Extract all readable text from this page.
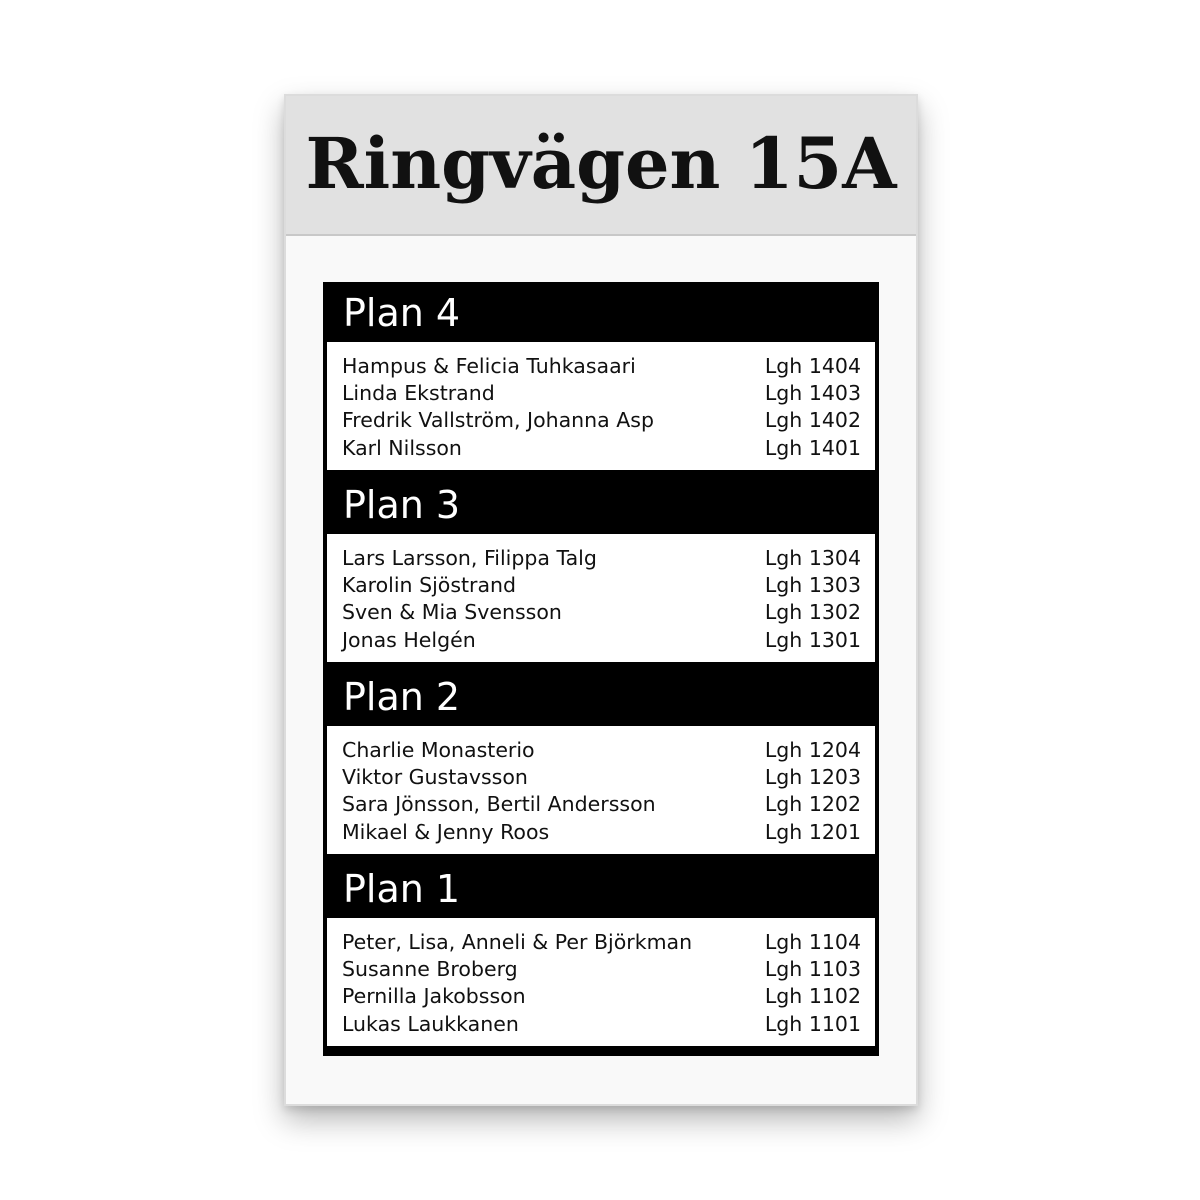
Ringvägen 15A
Plan 4
Hampus & Felicia Tuhkasaari	Lgh 1404
Linda Ekstrand	Lgh 1403
Fredrik Vallström, Johanna Asp	Lgh 1402
Karl Nilsson	Lgh 1401
Plan 3
Lars Larsson, Filippa Talg	Lgh 1304
Karolin Sjöstrand	Lgh 1303
Sven & Mia Svensson	Lgh 1302
Jonas Helgén	Lgh 1301
Plan 2
Charlie Monasterio	Lgh 1204
Viktor Gustavsson	Lgh 1203
Sara Jönsson, Bertil Andersson	Lgh 1202
Mikael & Jenny Roos	Lgh 1201
Plan 1
Peter, Lisa, Anneli & Per Björkman	Lgh 1104
Susanne Broberg	Lgh 1103
Pernilla Jakobsson	Lgh 1102
Lukas Laukkanen	Lgh 1101
